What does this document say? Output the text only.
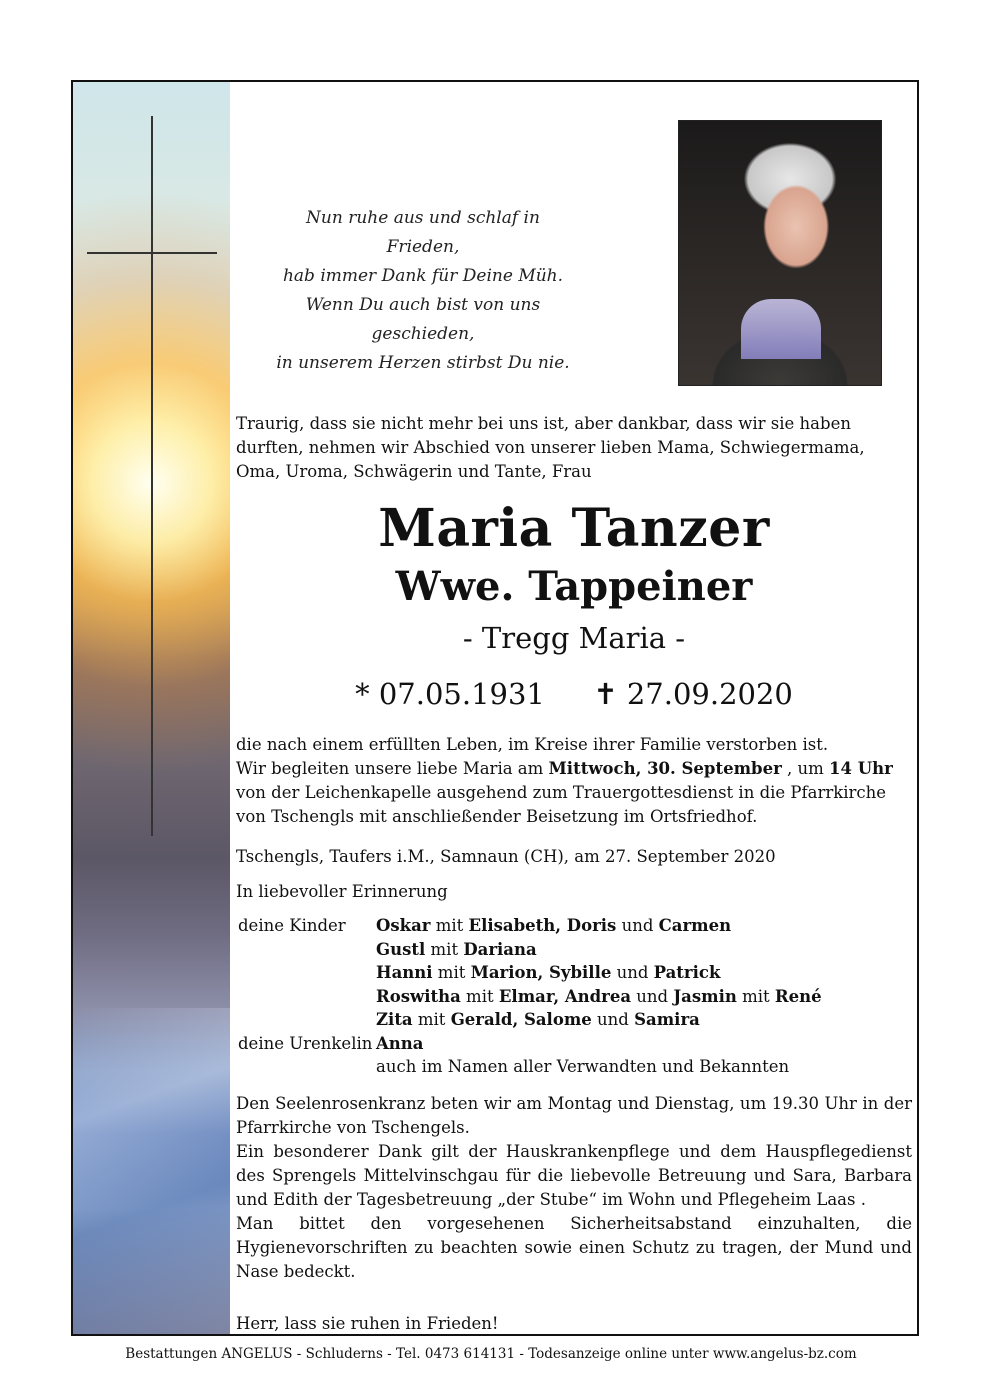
Nun ruhe aus und schlaf in Frieden,
hab immer Dank für Deine Müh.
Wenn Du auch bist von uns geschieden,
in unserem Herzen stirbst Du nie.
Traurig, dass sie nicht mehr bei uns ist, aber dankbar, dass wir sie haben durften, nehmen wir Abschied von unserer lieben Mama, Schwiegermama, Oma, Uroma, Schwägerin und Tante, Frau
Maria Tanzer
Wwe. Tappeiner
- Tregg Maria -
* 07.05.1931 ✝ 27.09.2020
die nach einem erfüllten Leben, im Kreise ihrer Familie verstorben ist.
Wir begleiten unsere liebe Maria am Mittwoch, 30. September , um 14 Uhr von der Leichenkapelle ausgehend zum Trauergottesdienst in die Pfarrkirche von Tschengls mit anschließender Beisetzung im Ortsfriedhof.
Tschengls, Taufers i.M., Samnaun (CH), am 27. September 2020
In liebevoller Erinnerung
deine Kinder	Oskar mit Elisabeth, Doris und Carmen
Gustl mit Dariana
Hanni mit Marion, Sybille und Patrick
Roswitha mit Elmar, Andrea und Jasmin mit René
Zita mit Gerald, Salome und Samira
deine Urenkelin Anna
auch im Namen aller Verwandten und Bekannten
Den Seelenrosenkranz beten wir am Montag und Dienstag, um 19.30 Uhr in der Pfarrkirche von Tschengels.
Ein besonderer Dank gilt der Hauskrankenpflege und dem Hauspflegedienst des Sprengels Mittelvinschgau für die liebevolle Betreuung und Sara, Barbara und Edith der Tagesbetreuung „der Stube“ im Wohn und Pflegeheim Laas .
Man bittet den vorgesehenen Sicherheitsabstand einzuhalten, die Hygienevorschriften zu beachten sowie einen Schutz zu tragen, der Mund und Nase bedeckt.
Herr, lass sie ruhen in Frieden!
Bestattungen ANGELUS - Schluderns - Tel. 0473 614131 - Todesanzeige online unter www.angelus-bz.com
